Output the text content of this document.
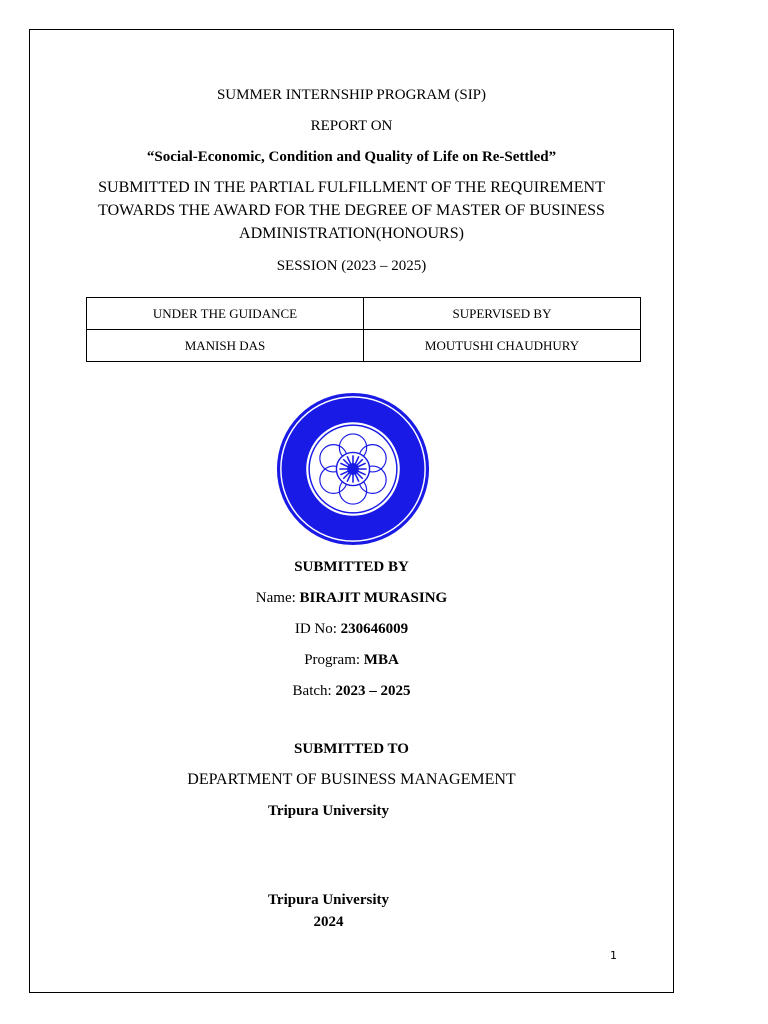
SUMMER INTERNSHIP PROGRAM (SIP)
REPORT ON
“Social-Economic, Condition and Quality of Life on Re-Settled”
SUBMITTED IN THE PARTIAL FULFILLMENT OF THE REQUIREMENT
TOWARDS THE AWARD FOR THE DEGREE OF MASTER OF BUSINESS
ADMINISTRATION(HONOURS)
SESSION (2023 – 2025)
UNDER THE GUIDANCE	SUPERVISED BY
MANISH DAS	MOUTUSHI CHAUDHURY
SUBMITTED BY
Name: BIRAJIT MURASING
ID No: 230646009
Program: MBA
Batch: 2023 – 2025
SUBMITTED TO
DEPARTMENT OF BUSINESS MANAGEMENT
Tripura University
Tripura University
2024
1
